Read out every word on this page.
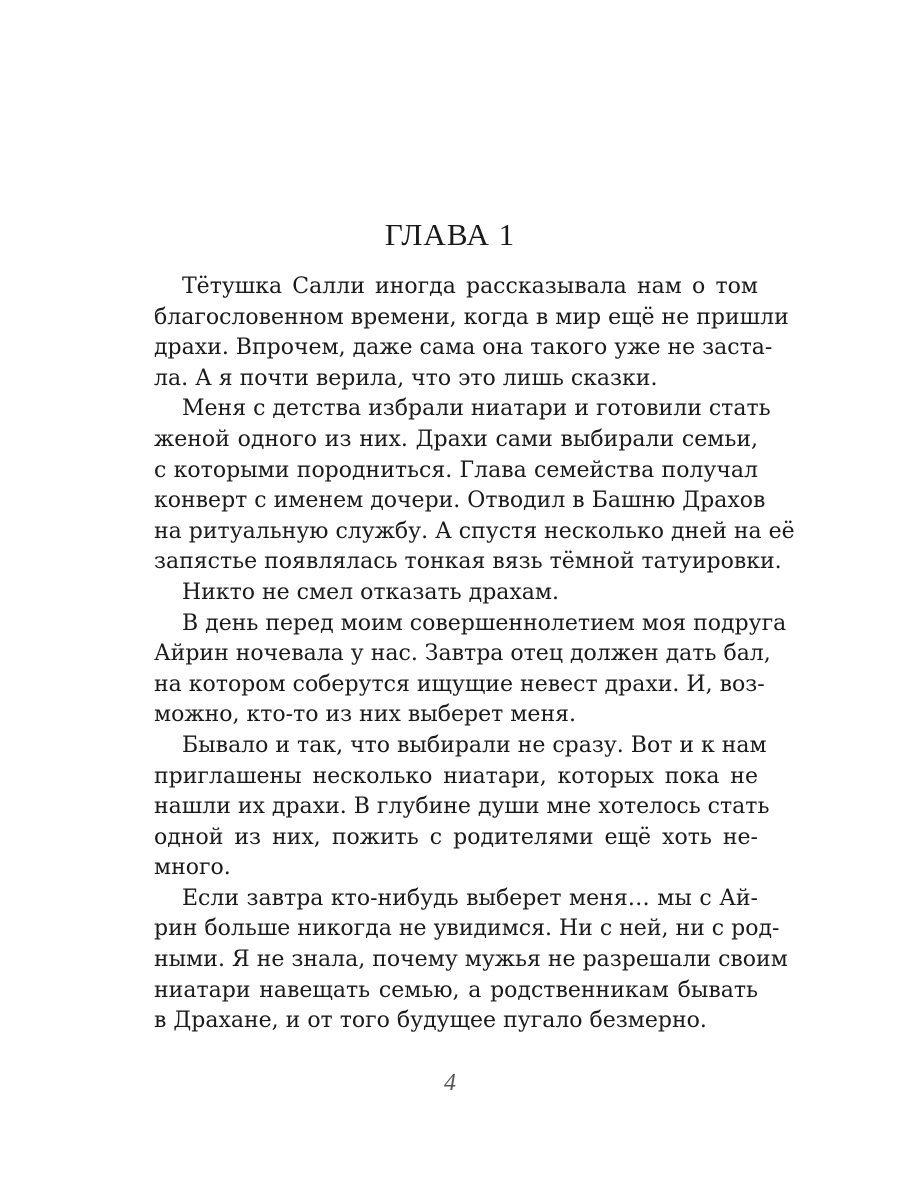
ГЛАВА 1
Тётушка Салли иногда рассказывала нам о том
благословенном времени, когда в мир ещё не пришли
драхи. Впрочем, даже сама она такого уже не заста-
ла. А я почти верила, что это лишь сказки.
Меня с детства избрали ниатари и готовили стать
женой одного из них. Драхи сами выбирали семьи,
с которыми породниться. Глава семейства получал
конверт с именем дочери. Отводил в Башню Драхов
на ритуальную службу. А спустя несколько дней на её
запястье появлялась тонкая вязь тёмной татуировки.
Никто не смел отказать драхам.
В день перед моим совершеннолетием моя подруга
Айрин ночевала у нас. Завтра отец должен дать бал,
на котором соберутся ищущие невест драхи. И, воз-
можно, кто-то из них выберет меня.
Бывало и так, что выбирали не сразу. Вот и к нам
приглашены несколько ниатари, которых пока не
нашли их драхи. В глубине души мне хотелось стать
одной из них, пожить с родителями ещё хоть не-
много.
Если завтра кто-нибудь выберет меня… мы с Ай-
рин больше никогда не увидимся. Ни с ней, ни с род-
ными. Я не знала, почему мужья не разрешали своим
ниатари навещать семью, а родственникам бывать
в Драхане, и от того будущее пугало безмерно.
4
